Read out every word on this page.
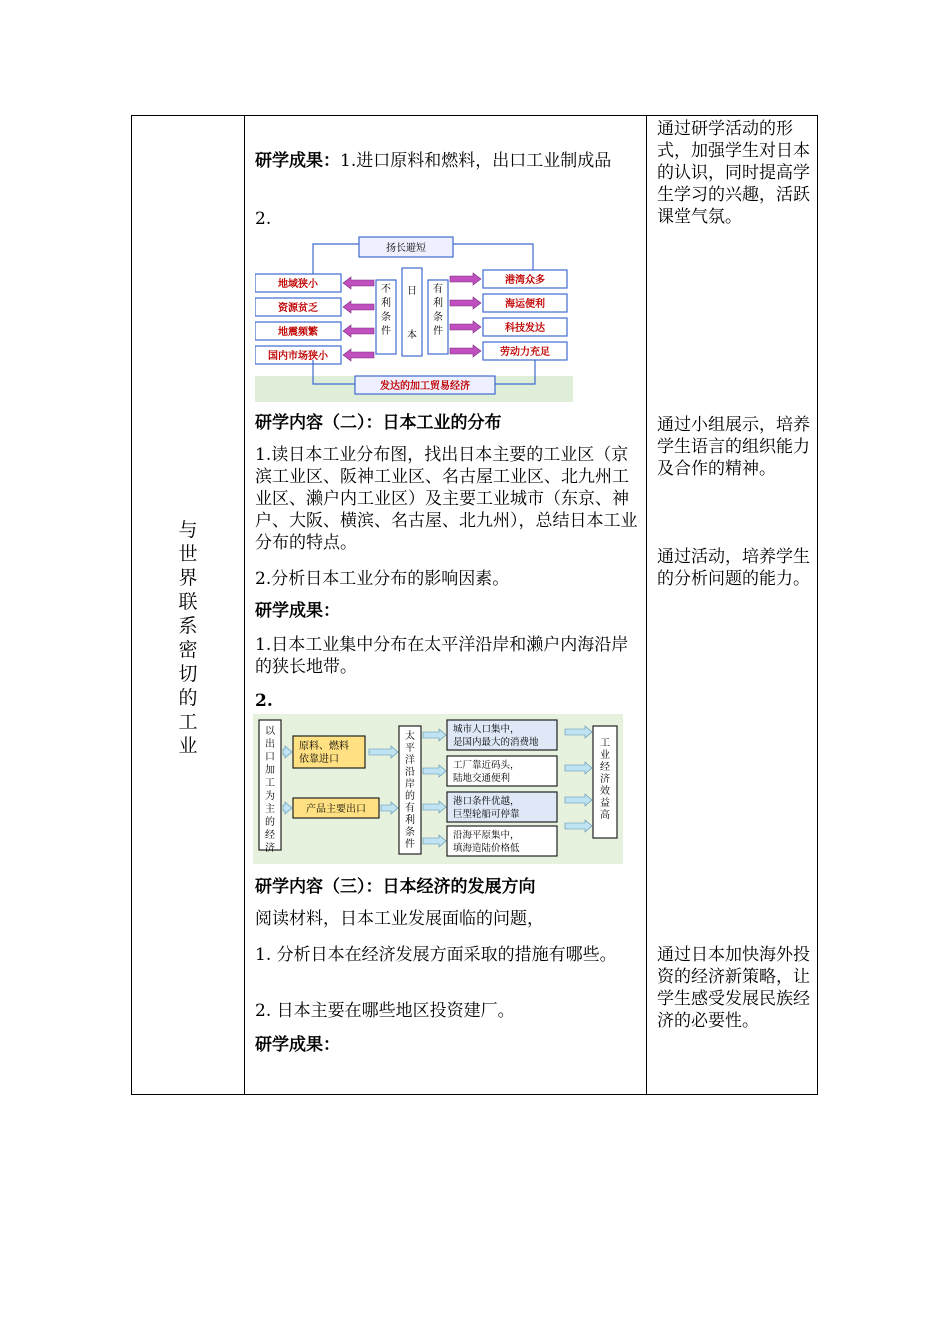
与世界联系密切的工业
研学成果：1.进口原料和燃料，出口工业制成品
2.
扬长避短
日本
不利条件
有利条件
地域狭小
资源贫乏
地震频繁
国内市场狭小
港湾众多
海运便利
科技发达
劳动力充足
发达的加工贸易经济
研学内容（二）：日本工业的分布
1.读日本工业分布图，找出日本主要的工业区（京滨工业区、阪神工业区、名古屋工业区、北九州工业区、濑户内工业区）及主要工业城市（东京、神户、大阪、横滨、名古屋、北九州），总结日本工业分布的特点。
2.分析日本工业分布的影响因素。
研学成果：
1.日本工业集中分布在太平洋沿岸和濑户内海沿岸的狭长地带。
2.
以出口加工为主的经济
原料、燃料依靠进口
产品主要出口
太平洋沿岸的有利条件
城市人口集中，是国内最大的消费地
工厂靠近码头，陆地交通便利
港口条件优越，巨型轮船可停靠
沿海平原集中，填海造陆价格低
工业经济效益高
研学内容（三）：日本经济的发展方向
阅读材料，日本工业发展面临的问题，
1. 分析日本在经济发展方面采取的措施有哪些。
2. 日本主要在哪些地区投资建厂。
研学成果：
通过研学活动的形式，加强学生对日本的认识，同时提高学生学习的兴趣，活跃课堂气氛。
通过小组展示，培养学生语言的组织能力及合作的精神。
通过活动，培养学生的分析问题的能力。
通过日本加快海外投资的经济新策略，让学生感受发展民族经济的必要性。
